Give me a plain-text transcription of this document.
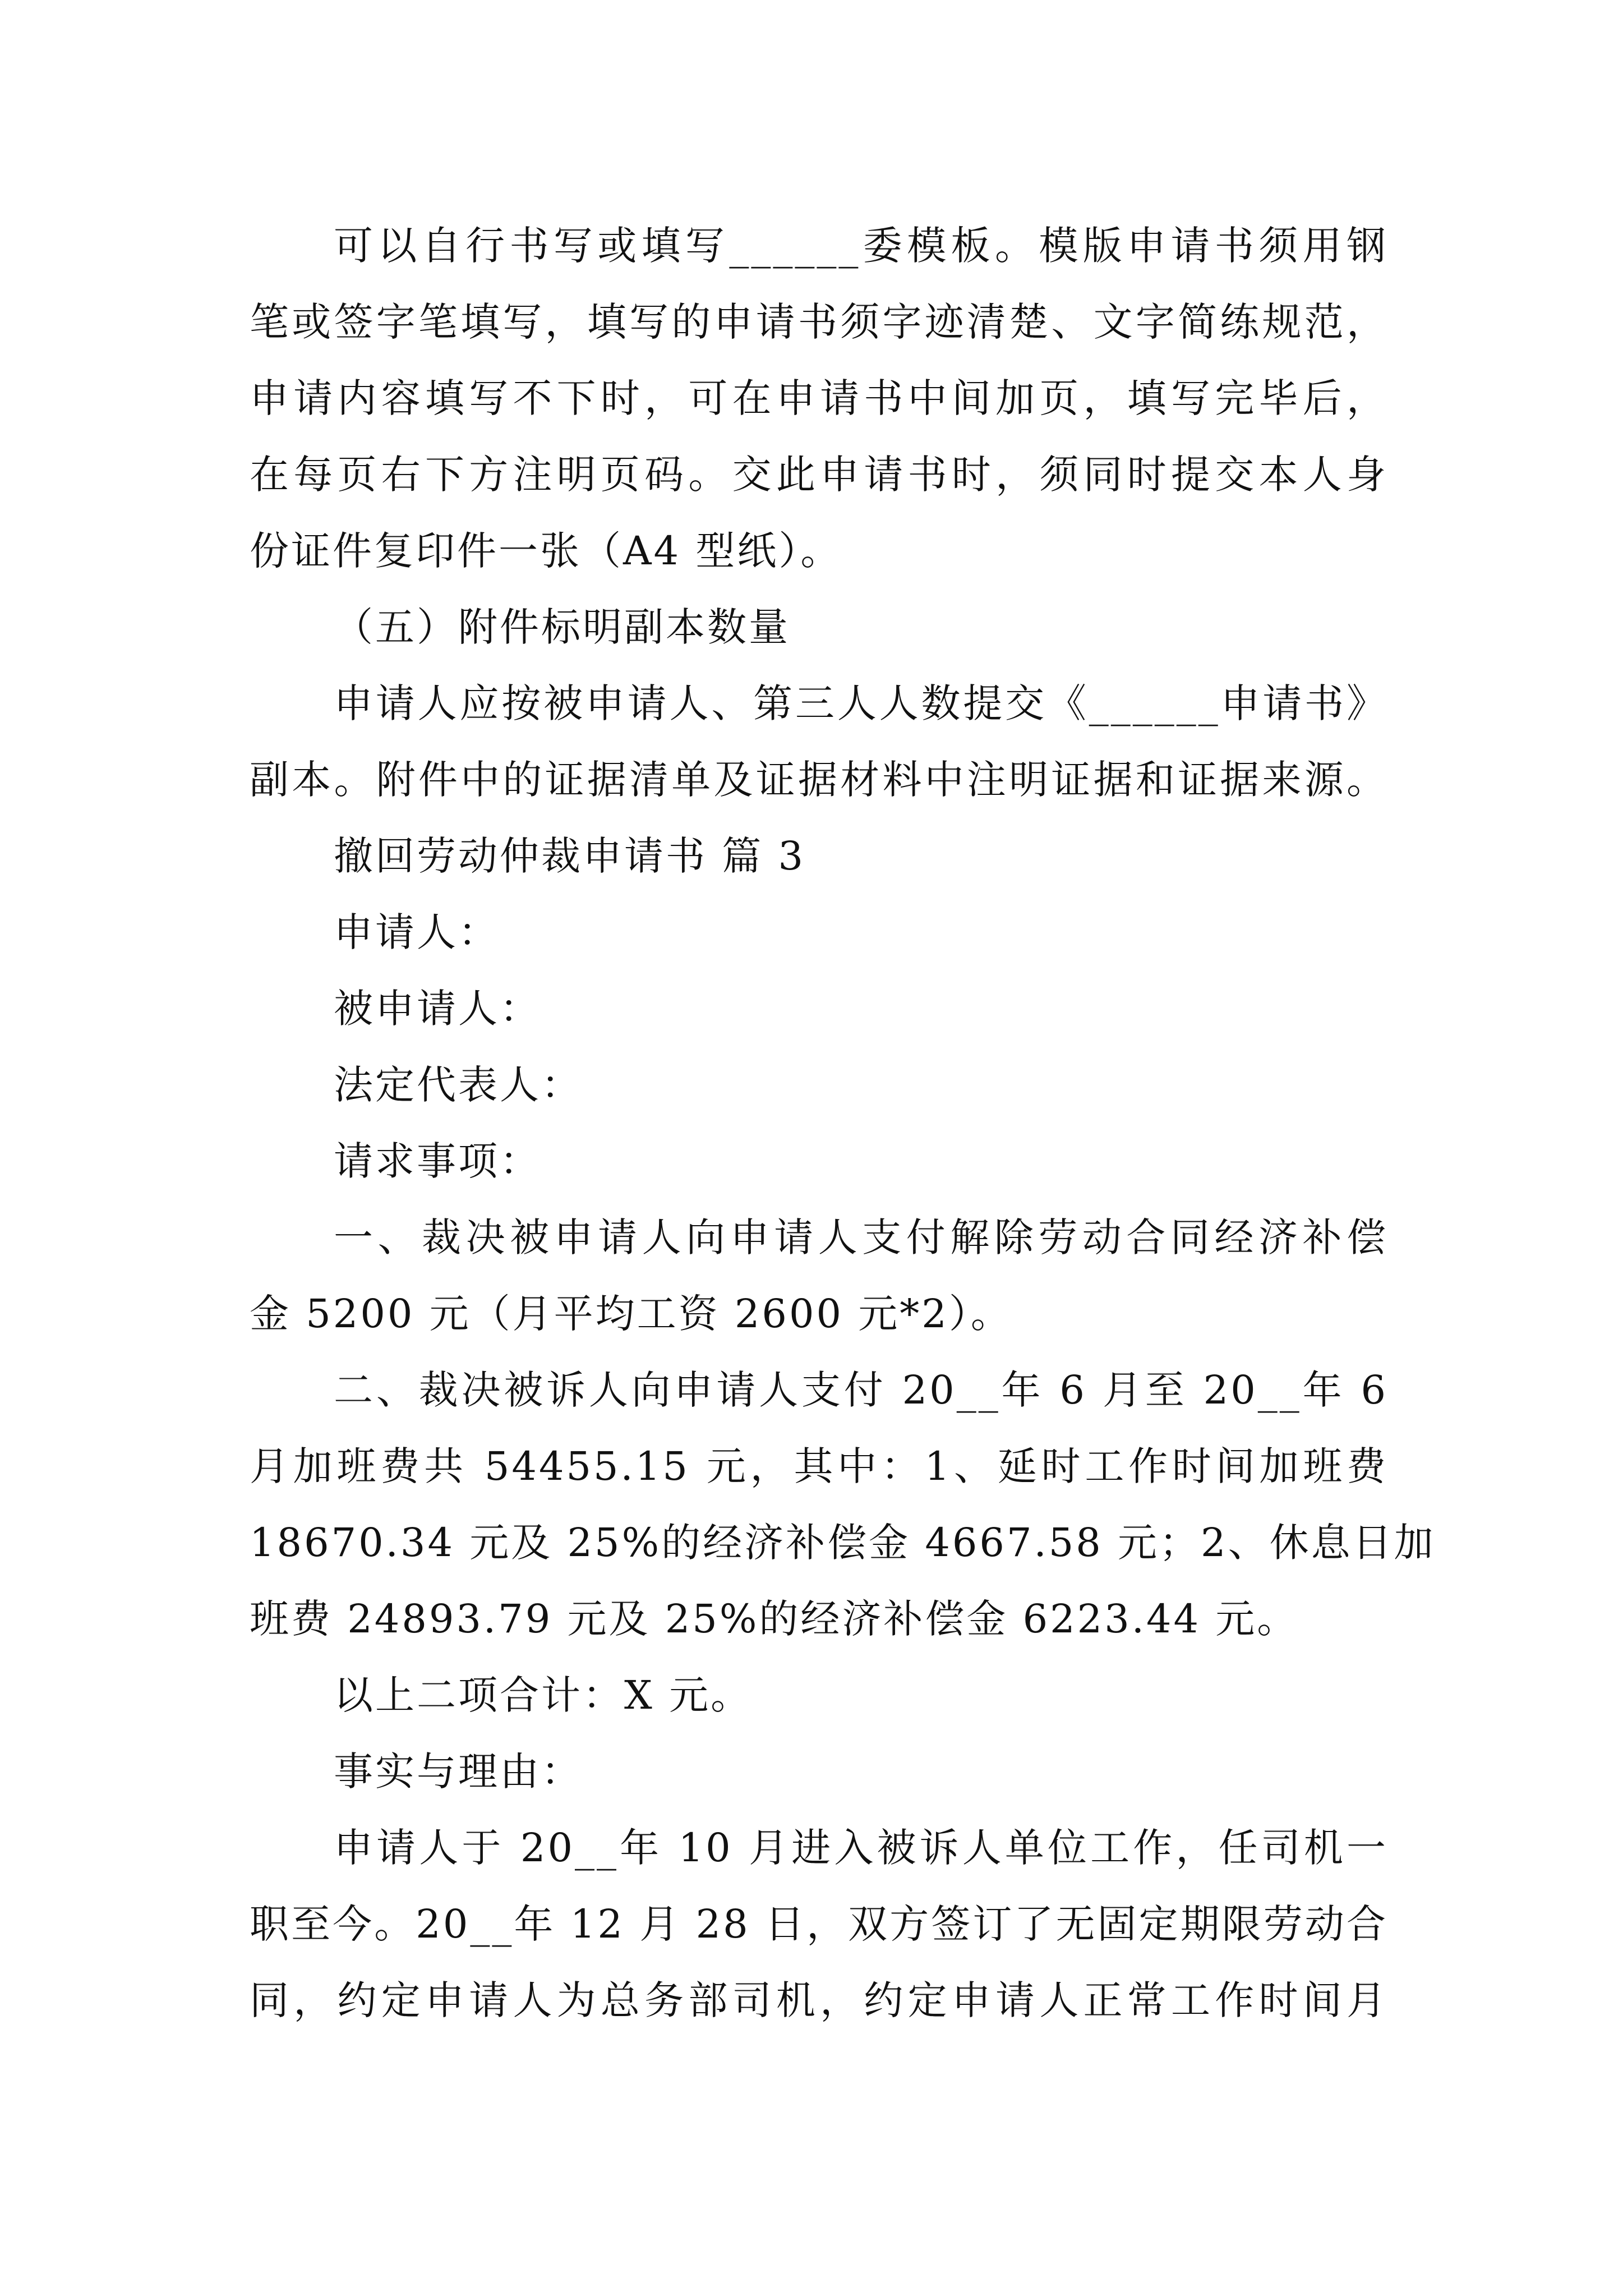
可以自行书写或填写______委模板。模版申请书须用钢
笔或签字笔填写，填写的申请书须字迹清楚、文字简练规范，
申请内容填写不下时，可在申请书中间加页，填写完毕后，
在每页右下方注明页码。交此申请书时，须同时提交本人身
份证件复印件一张（A4 型纸）。
（五）附件标明副本数量
申请人应按被申请人、第三人人数提交《______申请书》
副本。附件中的证据清单及证据材料中注明证据和证据来源。
撤回劳动仲裁申请书 篇 3
申请人：
被申请人：
法定代表人：
请求事项：
一、裁决被申请人向申请人支付解除劳动合同经济补偿
金 5200 元（月平均工资 2600 元*2）。
二、裁决被诉人向申请人支付 20__年 6 月至 20__年 6
月加班费共 54455.15 元，其中：1、延时工作时间加班费
18670.34 元及 25%的经济补偿金 4667.58 元；2、休息日加
班费 24893.79 元及 25%的经济补偿金 6223.44 元。
以上二项合计：X 元。
事实与理由：
申请人于 20__年 10 月进入被诉人单位工作，任司机一
职至今。20__年 12 月 28 日，双方签订了无固定期限劳动合
同，约定申请人为总务部司机，约定申请人正常工作时间月
